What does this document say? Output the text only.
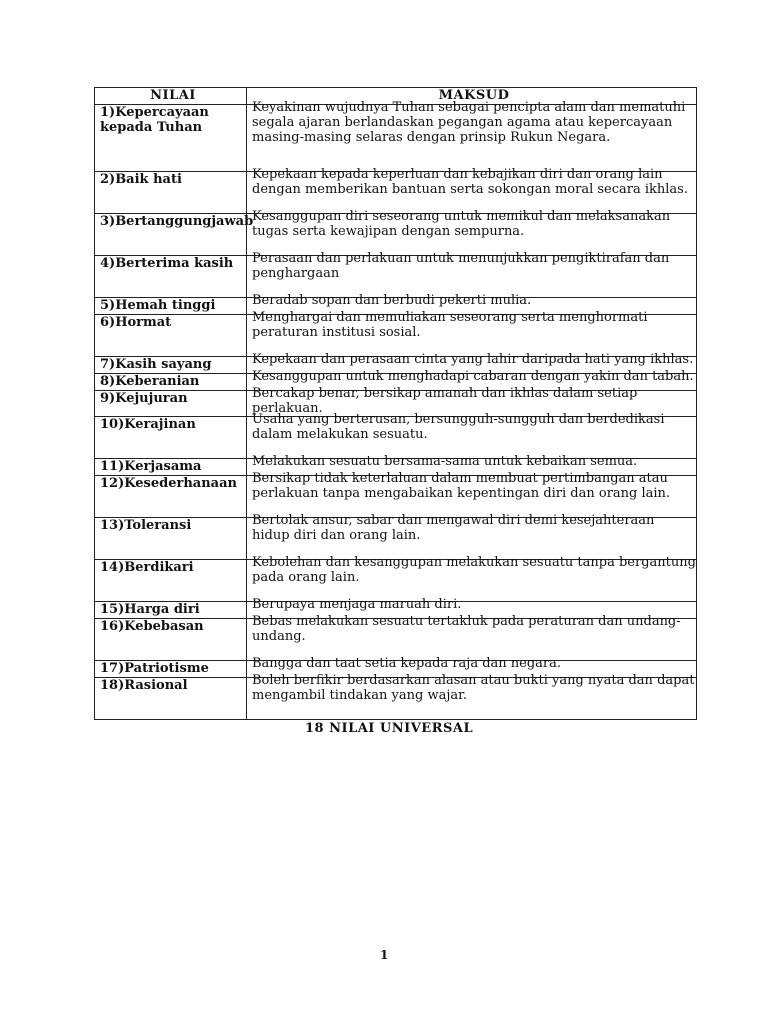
NILAI	MAKSUD
1)Kepercayaan kepada Tuhan	Keyakinan wujudnya Tuhan sebagai pencipta alam dan mematuhi segala ajaran berlandaskan pegangan agama atau kepercayaan masing-masing selaras dengan prinsip Rukun Negara.

2)Baik hati	Kepekaan kepada keperluan dan kebajikan diri dan orang lain dengan memberikan bantuan serta sokongan moral secara ikhlas.

3)Bertanggungjawab	Kesanggupan diri seseorang untuk memikul dan melaksanakan tugas serta kewajipan dengan sempurna.

4)Berterima kasih	Perasaan dan perlakuan untuk menunjukkan pengiktirafan dan penghargaan

5)Hemah tinggi	Beradab sopan dan berbudi pekerti mulia.

6)Hormat	Menghargai dan memuliakan seseorang serta menghormati peraturan institusi sosial.

7)Kasih sayang	Kepekaan dan perasaan cinta yang lahir daripada hati yang ikhlas.

8)Keberanian	Kesanggupan untuk menghadapi cabaran dengan yakin dan tabah.

9)Kejujuran	Bercakap benar, bersikap amanah dan ikhlas dalam setiap perlakuan.

10)Kerajinan	Usaha yang berterusan, bersungguh-sungguh dan berdedikasi dalam melakukan sesuatu.

11)Kerjasama	Melakukan sesuatu bersama-sama untuk kebaikan semua.

12)Kesederhanaan	Bersikap tidak keterlaluan dalam membuat pertimbangan atau perlakuan tanpa mengabaikan kepentingan diri dan orang lain.

13)Toleransi	Bertolak ansur, sabar dan mengawal diri demi kesejahteraan hidup diri dan orang lain.

14)Berdikari	Kebolehan dan kesanggupan melakukan sesuatu tanpa bergantung pada orang lain.

15)Harga diri	Berupaya menjaga maruah diri.

16)Kebebasan	Bebas melakukan sesuatu tertakluk pada peraturan dan undang-undang.

17)Patriotisme	Bangga dan taat setia kepada raja dan negara.

18)Rasional	Boleh berfikir berdasarkan alasan atau bukti yang nyata dan dapat mengambil tindakan yang wajar.

18 NILAI UNIVERSAL

1
